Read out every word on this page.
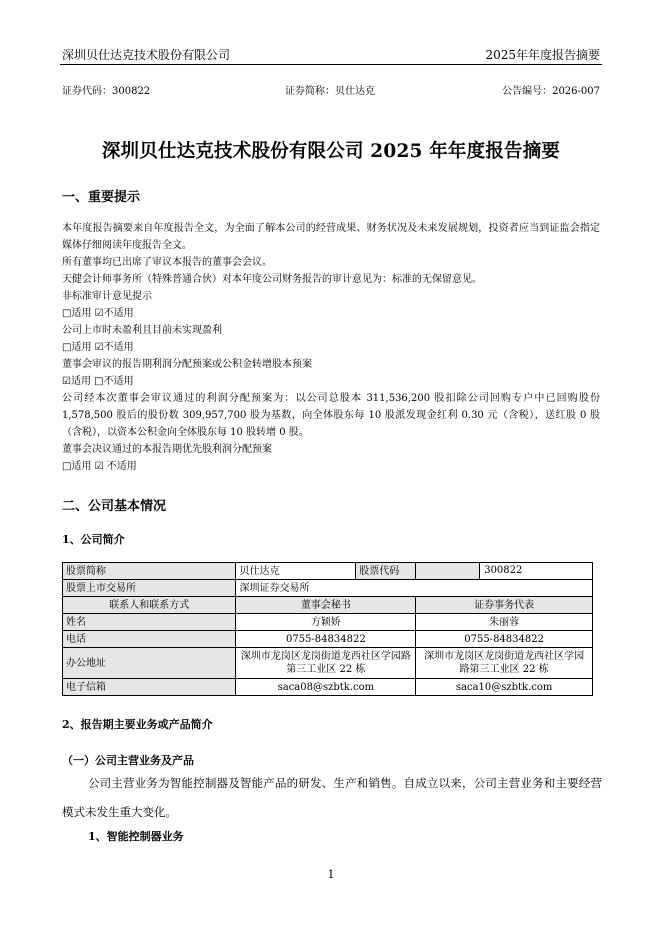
深圳贝仕达克技术股份有限公司	2025年年度报告摘要
证券代码：300822	证券简称：贝仕达克	公告编号：2026-007
深圳贝仕达克技术股份有限公司 2025 年年度报告摘要
一、重要提示

本年度报告摘要来自年度报告全文，为全面了解本公司的经营成果、财务状况及未来发展规划，投资者应当到证监会指定媒体仔细阅读年度报告全文。

所有董事均已出席了审议本报告的董事会会议。

天健会计师事务所（特殊普通合伙）对本年度公司财务报告的审计意见为：标准的无保留意见。

非标准审计意见提示

□适用 ☑不适用

公司上市时未盈利且目前未实现盈利

□适用 ☑不适用

董事会审议的报告期利润分配预案或公积金转增股本预案

☑适用 □不适用

公司经本次董事会审议通过的利润分配预案为：以公司总股本 311,536,200 股扣除公司回购专户中已回购股份 1,578,500 股后的股份数 309,957,700 股为基数，向全体股东每 10 股派发现金红利 0.30 元（含税），送红股 0 股（含税），以资本公积金向全体股东每 10 股转增 0 股。

董事会决议通过的本报告期优先股利润分配预案

□适用 ☑ 不适用

二、公司基本情况
1、公司简介
股票简称	贝仕达克	股票代码	300822

股票上市交易所	深圳证券交易所		
联系人和联系方式	董事会秘书		证券事务代表
姓名	方颖娇		朱丽蓉
电话	0755-84834822		0755-84834822
办公地址	深圳市龙岗区龙岗街道龙西社区学园路第三工业区 22 栋		深圳市龙岗区龙岗街道龙西社区学园路第三工业区 22 栋
电子信箱	saca08@szbtk.com		saca10@szbtk.com
2、报告期主要业务或产品简介
（一）公司主营业务及产品
公司主营业务为智能控制器及智能产品的研发、生产和销售。自成立以来，公司主营业务和主要经营模式未发生重大变化。
1、智能控制器业务
1
